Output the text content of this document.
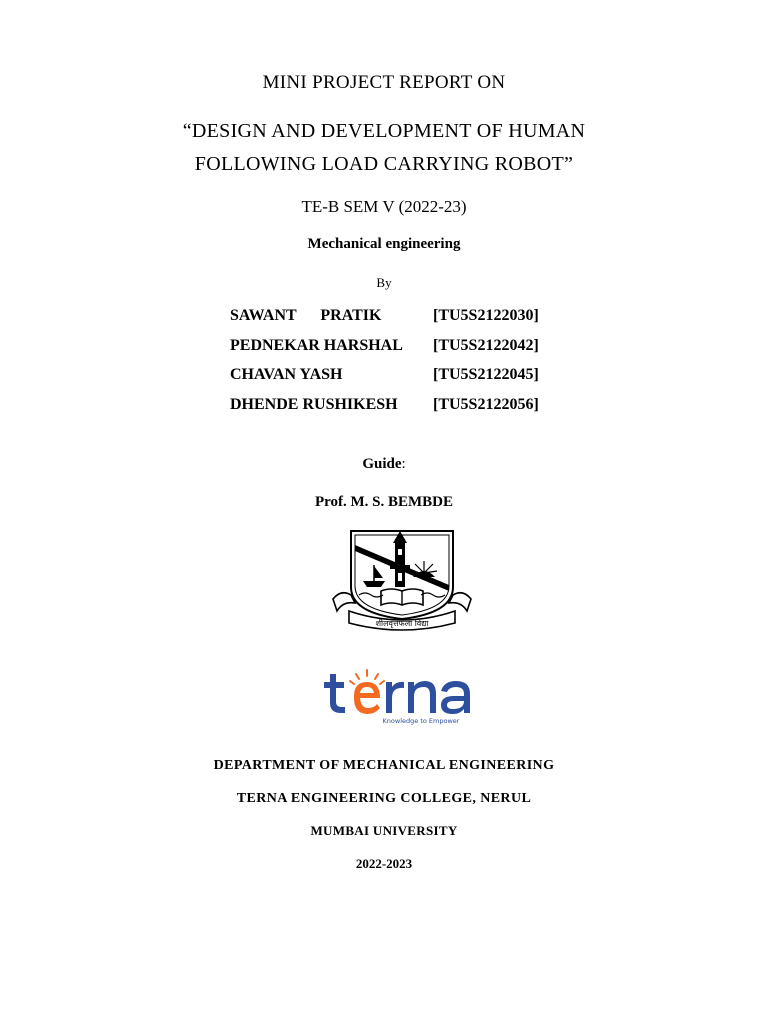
MINI PROJECT REPORT ON
“DESIGN AND DEVELOPMENT OF HUMAN
FOLLOWING LOAD CARRYING ROBOT”
TE-B SEM V (2022-23)
Mechanical engineering
By
SAWANT      PRATIK	[TU5S2122030]
PEDNEKAR HARSHAL [TU5S2122042]
CHAVAN YASH	[TU5S2122045]
DHENDE RUSHIKESH [TU5S2122056]
Guide:
Prof. M. S. BEMBDE
शीलवृत्तफला विद्या
Knowledge to Empower
DEPARTMENT OF MECHANICAL ENGINEERING
TERNA ENGINEERING COLLEGE, NERUL
MUMBAI UNIVERSITY
2022-2023
